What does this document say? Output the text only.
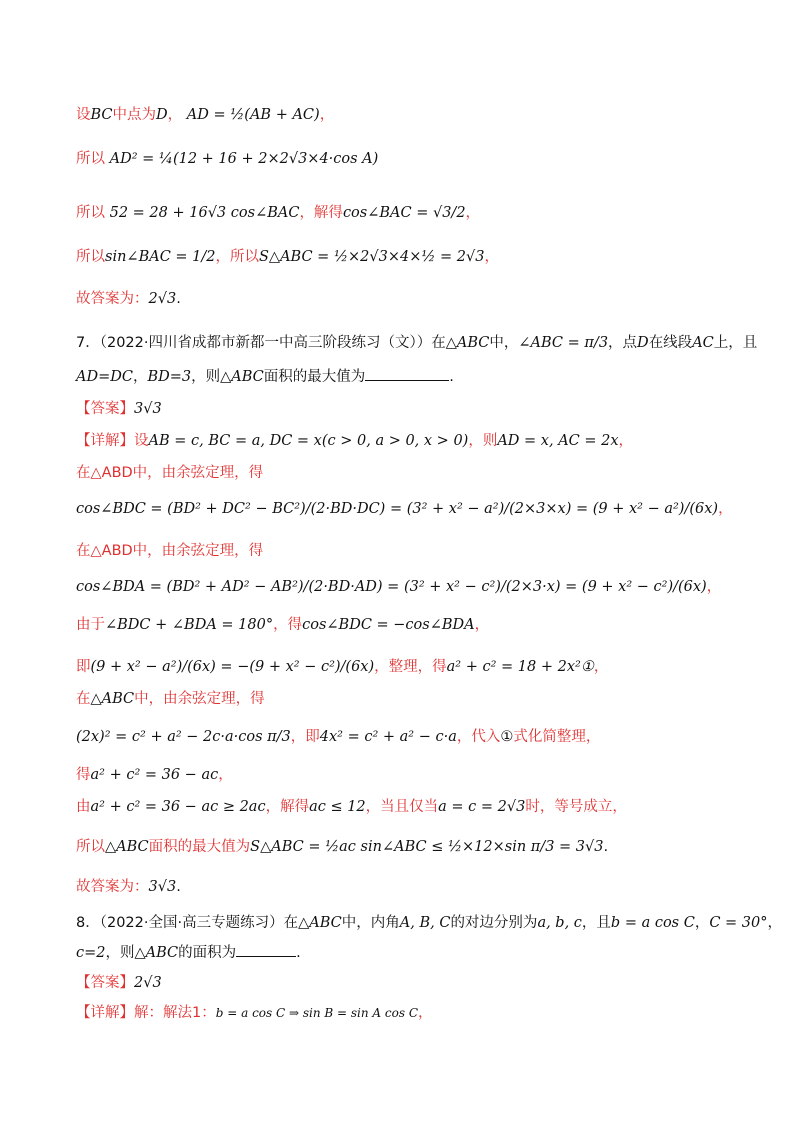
设BC中点为D， AD = ½(AB + AC)，
所以 AD² = ¼(12 + 16 + 2×2√3×4·cos A)
所以 52 = 28 + 16√3 cos∠BAC，解得cos∠BAC = √3/2，
所以sin∠BAC = 1/2，所以S△ABC = ½×2√3×4×½ = 2√3，
故答案为：2√3.
7．（2022·四川省成都市新都一中高三阶段练习（文））在△ABC中，∠ABC = π/3，点D在线段AC上，且
AD=DC，BD=3，则△ABC面积的最大值为	.
【答案】3√3
【详解】设AB = c, BC = a, DC = x(c > 0, a > 0, x > 0)，则AD = x, AC = 2x，
在△ABD中，由余弦定理，得
cos∠BDC = (BD² + DC² − BC²)/(2·BD·DC) = (3² + x² − a²)/(2×3×x) = (9 + x² − a²)/(6x)，
在△ABD中，由余弦定理，得
cos∠BDA = (BD² + AD² − AB²)/(2·BD·AD) = (3² + x² − c²)/(2×3·x) = (9 + x² − c²)/(6x)，
由于∠BDC + ∠BDA = 180°，得cos∠BDC = −cos∠BDA，
即(9 + x² − a²)/(6x) = −(9 + x² − c²)/(6x)，整理，得a² + c² = 18 + 2x²①，
在△ABC中，由余弦定理，得
(2x)² = c² + a² − 2c·a·cos π/3，即4x² = c² + a² − c·a，代入①式化简整理，
得a² + c² = 36 − ac，
由a² + c² = 36 − ac ≥ 2ac，解得ac ≤ 12，当且仅当a = c = 2√3时，等号成立，
所以△ABC面积的最大值为S△ABC = ½ac sin∠ABC ≤ ½×12×sin π/3 = 3√3.
故答案为：3√3.
8．（2022·全国·高三专题练习）在△ABC中，内角A, B, C的对边分别为a, b, c，且b = a cos C，C = 30°，
c=2，则△ABC的面积为	.
【答案】2√3
【详解】解：解法1：b = a cos C ⇒ sin B = sin A cos C，
